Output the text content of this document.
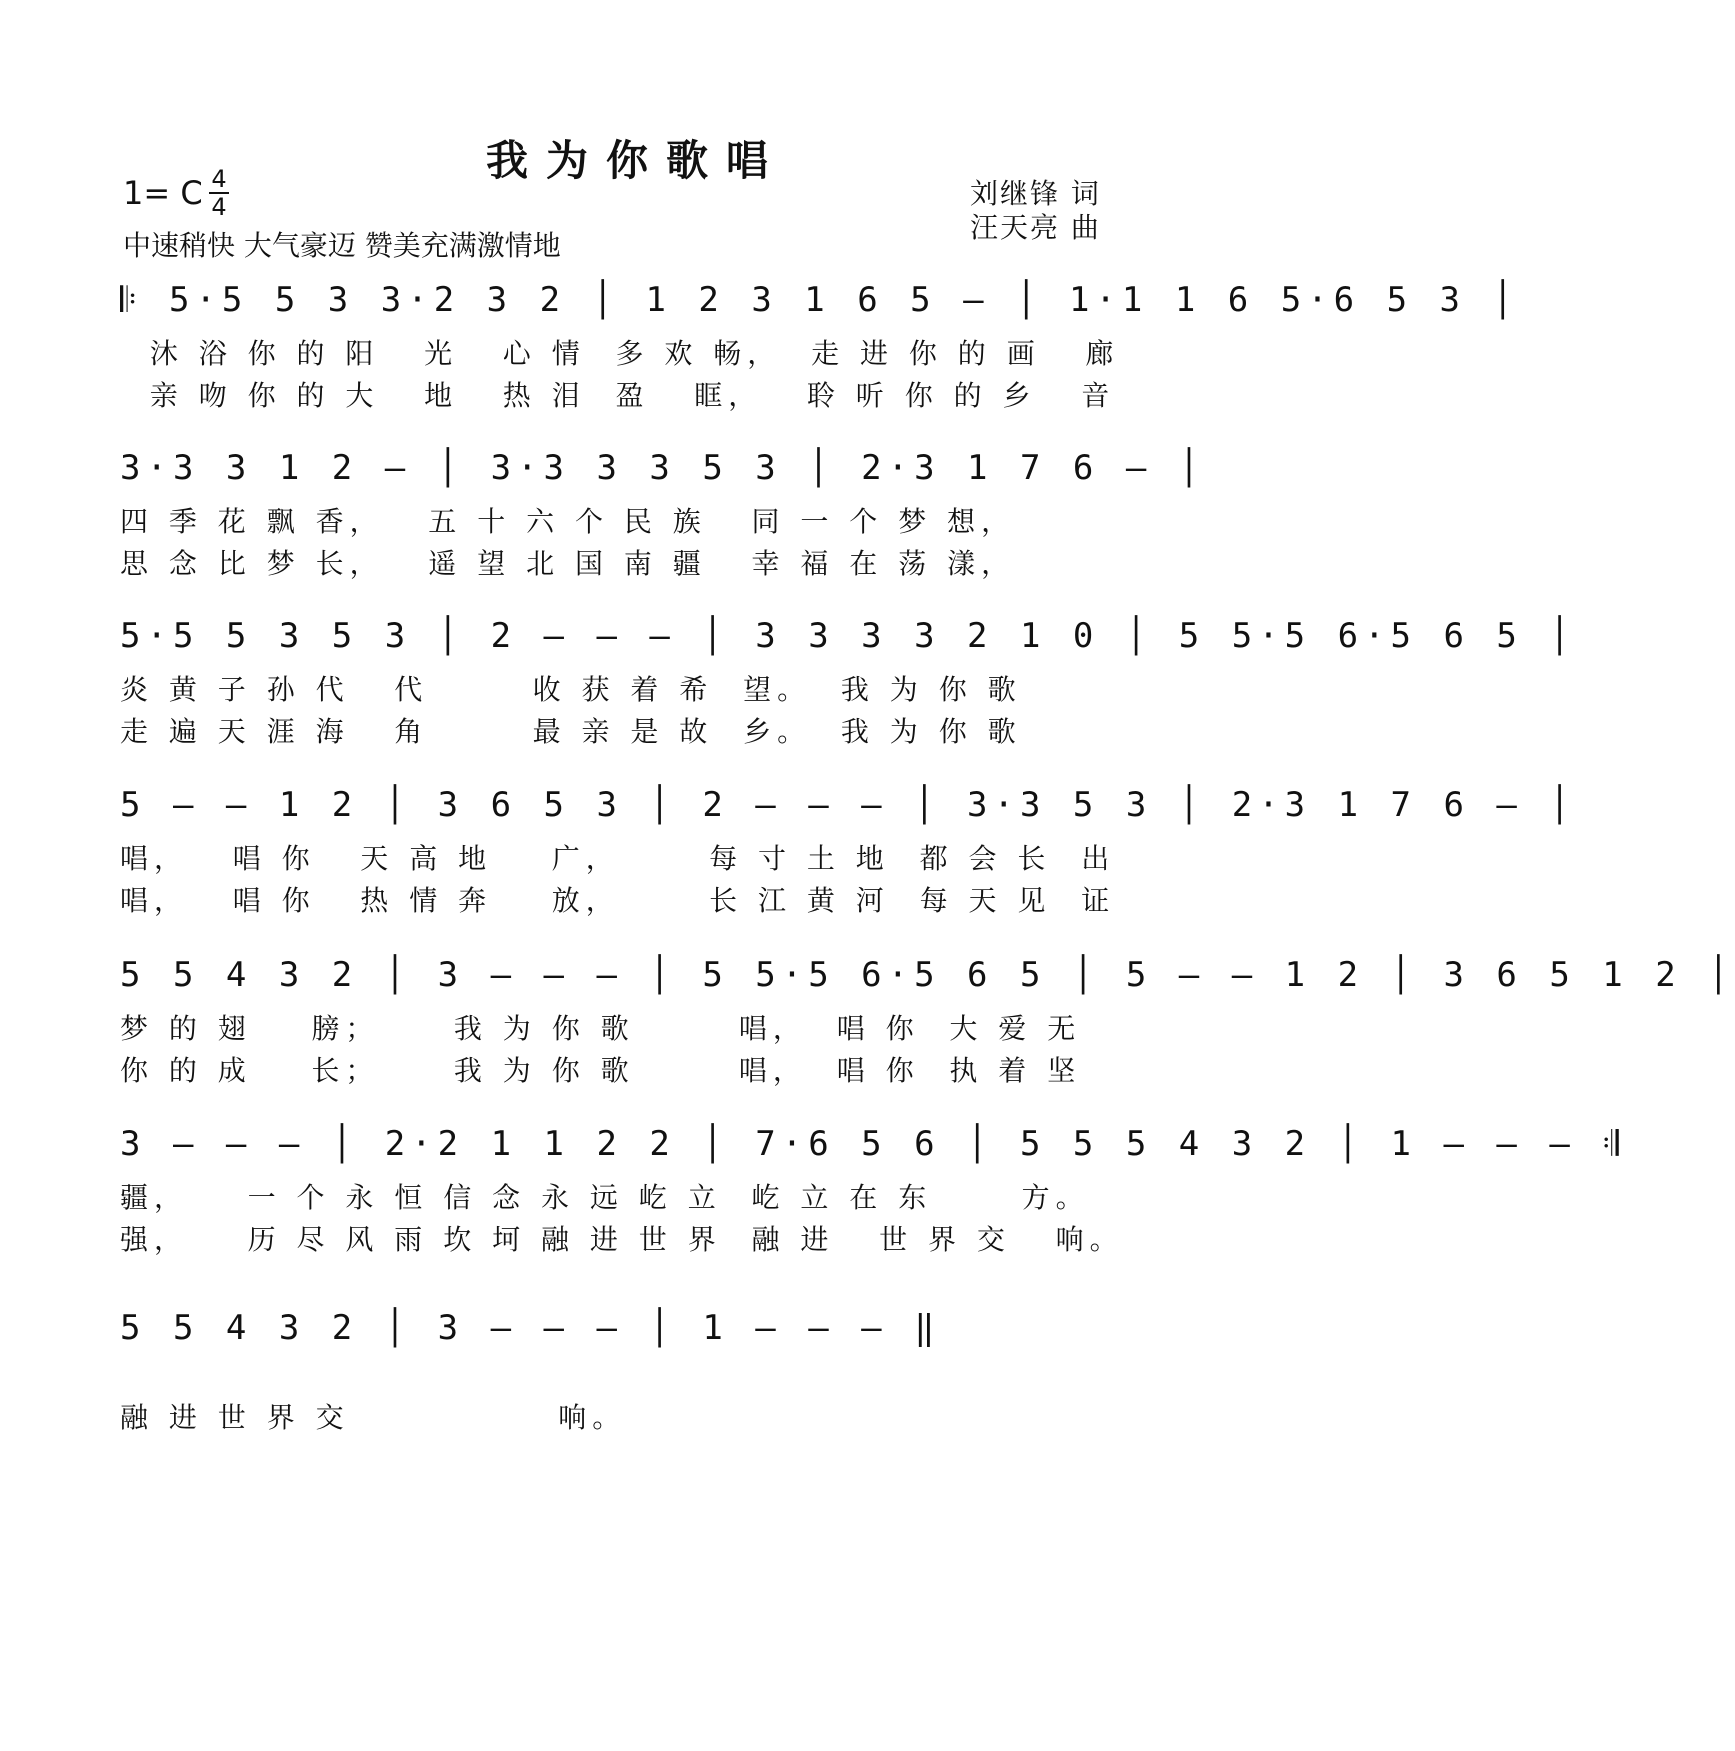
我为你歌唱
1= C 4
4
中速稍快 大气豪迈 赞美充满激情地
刘继锋 词
汪天亮 曲
𝄆 5·5 5 3 3·2 3 2 │ 1 2 3 1 6 5 – │ 1·1 1 6 5·6 5 3 │
沐 浴 你 的 阳   光   心 情  多 欢 畅，  走 进 你 的 画   廊
亲 吻 你 的 大   地   热 泪  盈   眶，   聆 听 你 的 乡   音
3·3 3 1 2 – │ 3·3 3 3 5 3 │ 2·3 1 7 6 – │
四 季 花 飘 香，   五 十 六 个 民 族   同 一 个 梦 想，
思 念 比 梦 长，   遥 望 北 国 南 疆   幸 福 在 荡 漾，
5·5 5 3 5 3 │ 2 – – – │ 3 3 3 3 2 1 0 │ 5 5·5 6·5 6 5 │
炎 黄 子 孙 代   代       收 获 着 希  望。  我 为 你 歌
走 遍 天 涯 海   角       最 亲 是 故  乡。  我 为 你 歌
5 – – 1 2 │ 3 6 5 3 │ 2 – – – │ 3·3 5 3 │ 2·3 1 7 6 – │
唱，   唱 你   天 高 地    广，      每 寸 土 地  都 会 长  出
唱，   唱 你   热 情 奔    放，      长 江 黄 河  每 天 见  证
5 5 4 3 2 │ 3 – – – │ 5 5·5 6·5 6 5 │ 5 – – 1 2 │ 3 6 5 1 2 │
梦 的 翅    膀；     我 为 你 歌       唱，  唱 你  大 爱 无
你 的 成    长；     我 为 你 歌       唱，  唱 你  执 着 坚
3 – – – │ 2·2 1 1 2 2 │ 7·6 5 6 │ 5 5 5 4 3 2 │ 1 – – – 𝄇
疆，    一 个 永 恒 信 念 永 远 屹 立  屹 立 在 东      方。
强，    历 尽 风 雨 坎 坷 融 进 世 界  融 进   世 界 交   响。
5 5 4 3 2 │ 3 – – – │ 1 – – – ‖
融 进 世 界 交              响。
